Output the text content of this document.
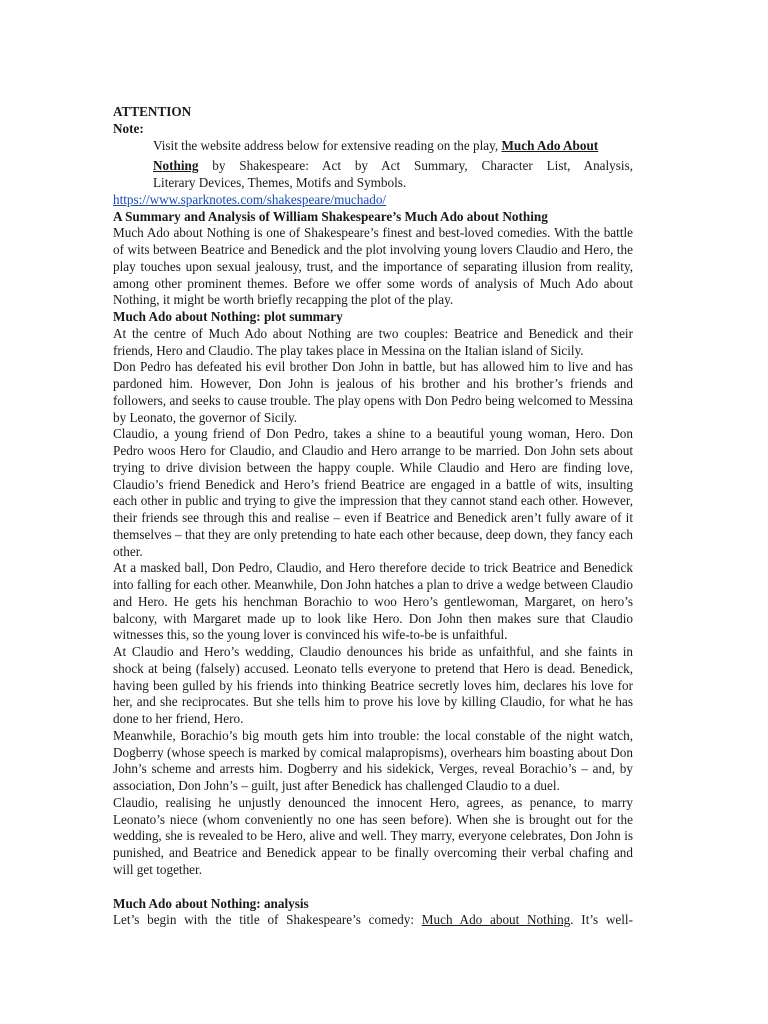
ATTENTION

Note:

Visit the website address below for extensive reading on the play, Much Ado About

Nothing by Shakespeare: Act by Act Summary, Character List, Analysis,

Literary Devices, Themes, Motifs and Symbols.

https://www.sparknotes.com/shakespeare/muchado/

A Summary and Analysis of William Shakespeare’s Much Ado about Nothing

Much Ado about Nothing is one of Shakespeare’s finest and best-loved comedies. With the battle of wits between Beatrice and Benedick and the plot involving young lovers Claudio and Hero, the play touches upon sexual jealousy, trust, and the importance of separating illusion from reality, among other prominent themes. Before we offer some words of analysis of Much Ado about Nothing, it might be worth briefly recapping the plot of the play.

Much Ado about Nothing: plot summary

At the centre of Much Ado about Nothing are two couples: Beatrice and Benedick and their friends, Hero and Claudio. The play takes place in Messina on the Italian island of Sicily.

Don Pedro has defeated his evil brother Don John in battle, but has allowed him to live and has pardoned him. However, Don John is jealous of his brother and his brother’s friends and followers, and seeks to cause trouble. The play opens with Don Pedro being welcomed to Messina by Leonato, the governor of Sicily.

Claudio, a young friend of Don Pedro, takes a shine to a beautiful young woman, Hero. Don Pedro woos Hero for Claudio, and Claudio and Hero arrange to be married. Don John sets about trying to drive division between the happy couple. While Claudio and Hero are finding love, Claudio’s friend Benedick and Hero’s friend Beatrice are engaged in a battle of wits, insulting each other in public and trying to give the impression that they cannot stand each other. However, their friends see through this and realise – even if Beatrice and Benedick aren’t fully aware of it themselves – that they are only pretending to hate each other because, deep down, they fancy each other.

At a masked ball, Don Pedro, Claudio, and Hero therefore decide to trick Beatrice and Benedick into falling for each other. Meanwhile, Don John hatches a plan to drive a wedge between Claudio and Hero. He gets his henchman Borachio to woo Hero’s gentlewoman, Margaret, on hero’s balcony, with Margaret made up to look like Hero. Don John then makes sure that Claudio witnesses this, so the young lover is convinced his wife-to-be is unfaithful.

At Claudio and Hero’s wedding, Claudio denounces his bride as unfaithful, and she faints in shock at being (falsely) accused. Leonato tells everyone to pretend that Hero is dead. Benedick, having been gulled by his friends into thinking Beatrice secretly loves him, declares his love for her, and she reciprocates. But she tells him to prove his love by killing Claudio, for what he has done to her friend, Hero.

Meanwhile, Borachio’s big mouth gets him into trouble: the local constable of the night watch, Dogberry (whose speech is marked by comical malapropisms), overhears him boasting about Don John’s scheme and arrests him. Dogberry and his sidekick, Verges, reveal Borachio’s – and, by association, Don John’s – guilt, just after Benedick has challenged Claudio to a duel.

Claudio, realising he unjustly denounced the innocent Hero, agrees, as penance, to marry Leonato’s niece (whom conveniently no one has seen before). When she is brought out for the wedding, she is revealed to be Hero, alive and well. They marry, everyone celebrates, Don John is punished, and Beatrice and Benedick appear to be finally overcoming their verbal chafing and will get together.

Much Ado about Nothing: analysis

Let’s begin with the title of Shakespeare’s comedy: Much Ado about Nothing. It’s well-
